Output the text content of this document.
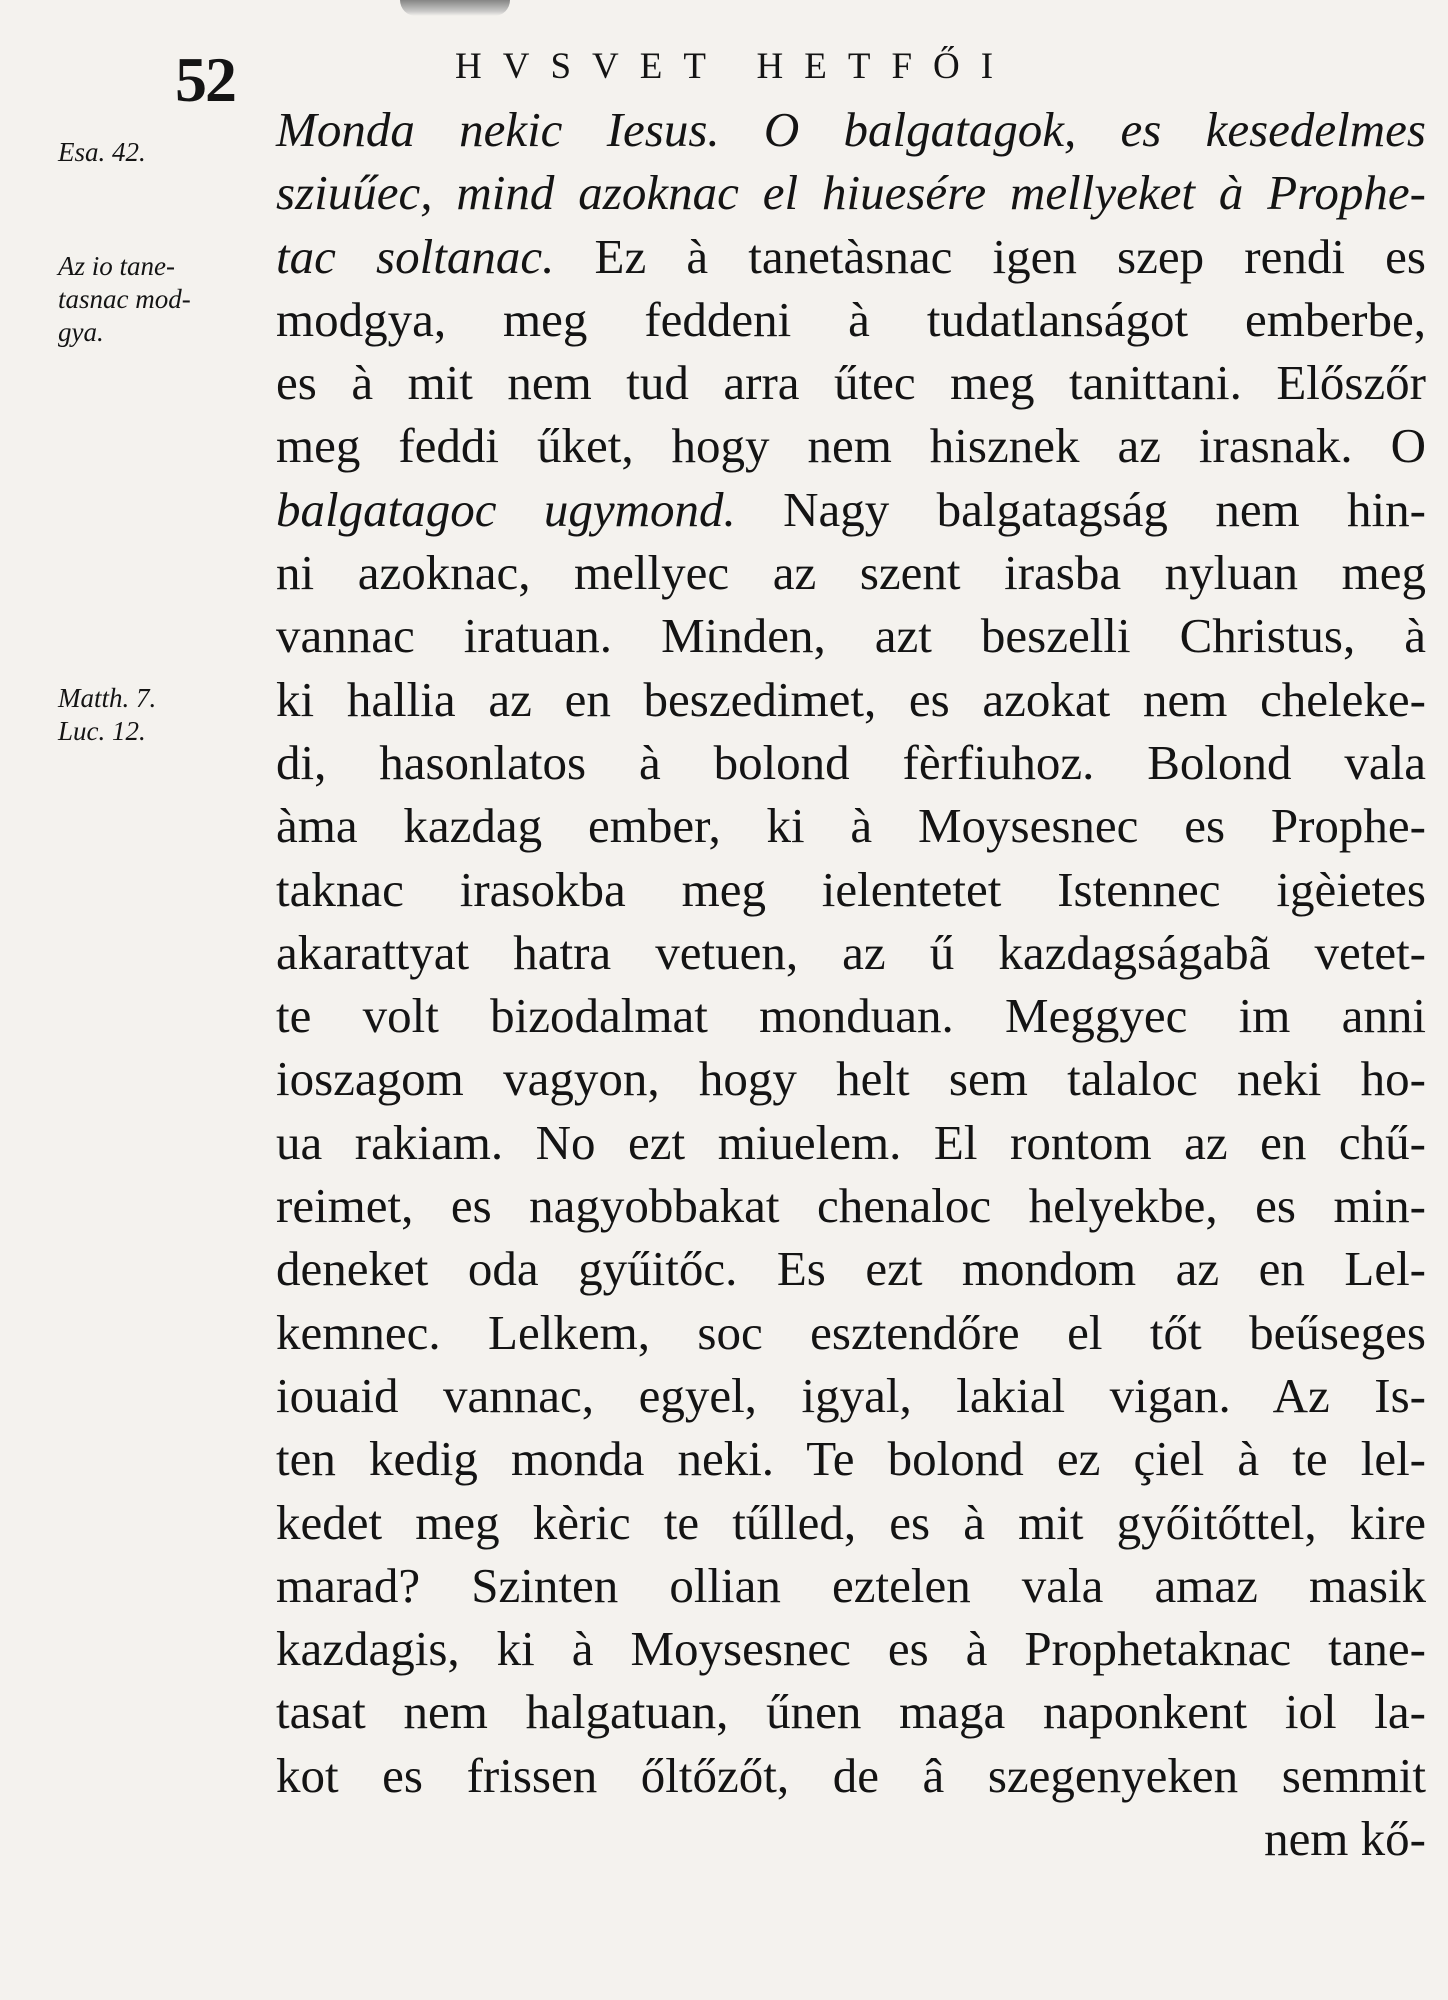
52	HVSVET HETFŐI
Esa. 42.
Az io tane-
tasnac mod-
gya.
Matth. 7.
Luc. 12.
Monda nekic Iesus. O balgatagok, es kesedelmes
sziuűec, mind azoknac el hiuesére mellyeket à Prophe-
tac soltanac. Ez à tanetàsnac igen szep rendi es
modgya, meg feddeni à tudatlanságot emberbe,
es à mit nem tud arra űtec meg tanittani. Előszőr
meg feddi űket, hogy nem hisznek az irasnak. O
balgatagoc ugymond. Nagy balgatagság nem hin-
ni azoknac, mellyec az szent irasba nyluan meg
vannac iratuan. Minden, azt beszelli Christus, à
ki hallia az en beszedimet, es azokat nem cheleke-
di, hasonlatos à bolond fèrfiuhoz. Bolond vala
àma kazdag ember, ki à Moysesnec es Prophe-
taknac irasokba meg ielentetet Istennec igèietes
akarattyat hatra vetuen, az ű kazdagságabã vetet-
te volt bizodalmat monduan. Meggyec im anni
ioszagom vagyon, hogy helt sem talaloc neki ho-
ua rakiam. No ezt miuelem. El rontom az en chű-
reimet, es nagyobbakat chenaloc helyekbe, es min-
deneket oda gyűitőc. Es ezt mondom az en Lel-
kemnec. Lelkem, soc esztendőre el tőt beűseges
iouaid vannac, egyel, igyal, lakial vigan. Az Is-
ten kedig monda neki. Te bolond ez çiel à te lel-
kedet meg kèric te tűlled, es à mit győitőttel, kire
marad? Szinten ollian eztelen vala amaz masik
kazdagis, ki à Moysesnec es à Prophetaknac tane-
tasat nem halgatuan, űnen maga naponkent iol la-
kot es frissen őltőzőt, de â szegenyeken semmit
nem kő-
